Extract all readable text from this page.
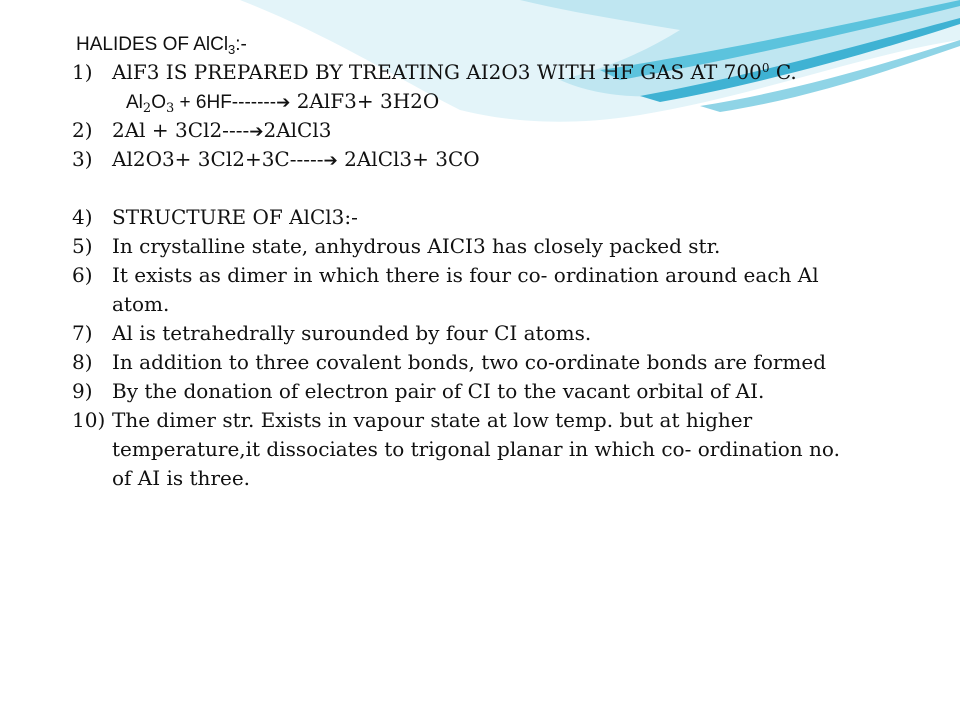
HALIDES OF AlCl$_3$:-
1) AlF3 IS PREPARED BY TREATING AI2O3 WITH HF GAS AT $700^0$ C.
$Al_2O_3$ + 6HF-------➔ 2AlF3+ 3H2O
2) 2Al + 3Cl2----➔2AlCl3
3) Al2O3+ 3Cl2+3C-----➔ 2AlCl3+ 3CO
4) STRUCTURE OF AlCl3:-
5) In crystalline state, anhydrous AICI3 has closely packed str.
6) It exists as dimer in which there is four co- ordination around each Al
atom.
7) Al is tetrahedrally surounded by four CI atoms.
8) In addition to three covalent bonds, two co-ordinate bonds are formed
9) By the donation of electron pair of CI to the vacant orbital of AI.
10) The dimer str. Exists in vapour state at low temp. but at higher
temperature,it dissociates to trigonal planar in which co- ordination no.
of AI is three.
